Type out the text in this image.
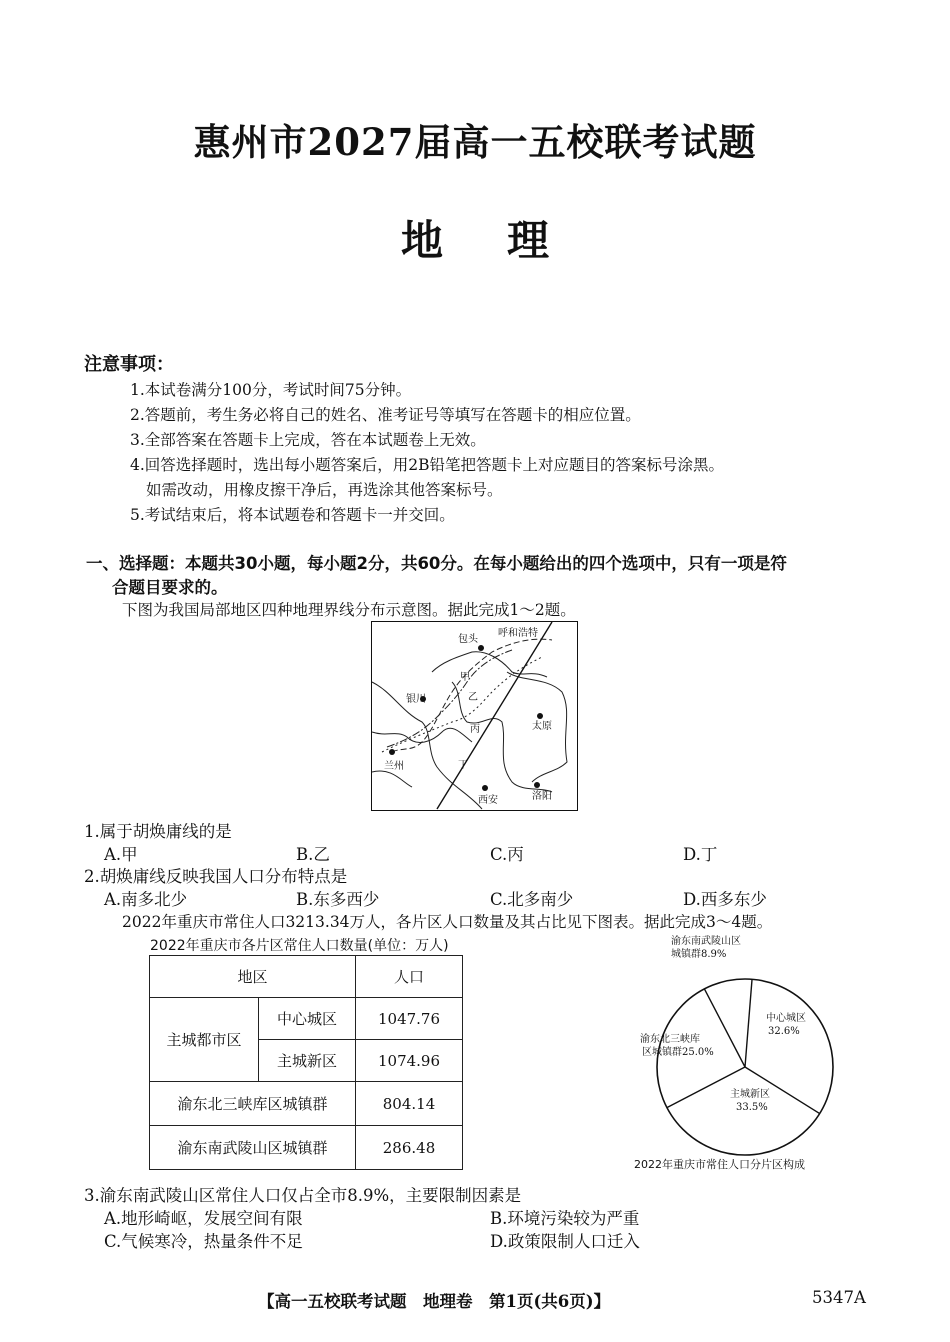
惠州市2027届高一五校联考试题
地理
注意事项：
1.本试卷满分100分，考试时间75分钟。
2.答题前，考生务必将自己的姓名、准考证号等填写在答题卡的相应位置。
3.全部答案在答题卡上完成，答在本试题卷上无效。
4.回答选择题时，选出每小题答案后，用2B铅笔把答题卡上对应题目的答案标号涂黑。
如需改动，用橡皮擦干净后，再选涂其他答案标号。
5.考试结束后，将本试题卷和答题卡一并交回。
一、选择题：本题共30小题，每小题2分，共60分。在每小题给出的四个选项中，只有一项是符
合题目要求的。
下图为我国局部地区四种地理界线分布示意图。据此完成1～2题。
包头
呼和浩特
银川
太原
兰州
西安	洛阳
甲
乙
丙
丁
1.属于胡焕庸线的是
A.甲	B.乙	C.丙	D.丁
2.胡焕庸线反映我国人口分布特点是
A.南多北少	B.东多西少	C.北多南少	D.西多东少
2022年重庆市常住人口3213.34万人，各片区人口数量及其占比见下图表。据此完成3～4题。
2022年重庆市各片区常住人口数量(单位：万人)
地区		人口
主城都市区	中心城区	1047.76
	主城新区	1074.96
渝东北三峡库区城镇群		804.14
渝东南武陵山区城镇群		286.48
渝东南武陵山区
城镇群8.9%
中心城区
32.6%
主城新区
33.5%
渝东北三峡库
区城镇群25.0%
2022年重庆市常住人口分片区构成
3.渝东南武陵山区常住人口仅占全市8.9%，主要限制因素是
A.地形崎岖，发展空间有限	B.环境污染较为严重
C.气候寒冷，热量条件不足	D.政策限制人口迁入
【高一五校联考试题　地理卷　第1页(共6页)】	5347A
